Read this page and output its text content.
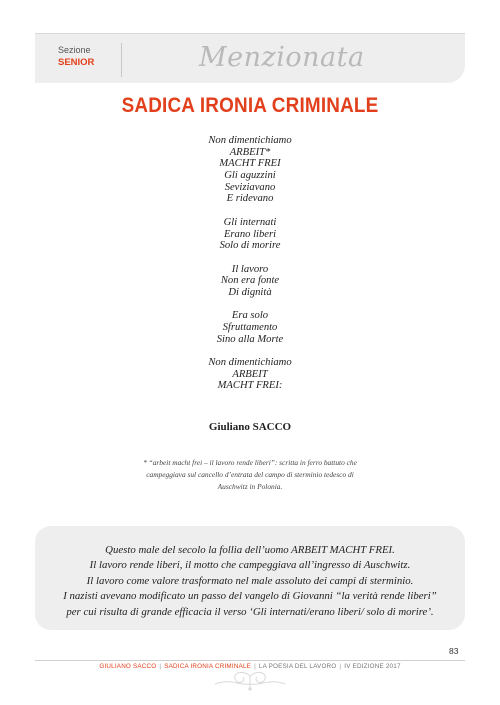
Sezione
SENIOR	Menzionata
SADICA IRONIA CRIMINALE
Non dimentichiamo
ARBEIT*
MACHT FREI
Gli aguzzini
Seviziavano
E ridevano
Gli internati
Erano liberi
Solo di morire
Il lavoro
Non era fonte
Di dignità
Era solo
Sfruttamento
Sino alla Morte
Non dimentichiamo
ARBEIT
MACHT FREI:
Giuliano SACCO
* “arbeit macht frei – il lavoro rende liberi”: scritta in ferro battuto che
campeggiava sul cancello d’entrata del campo di sterminio tedesco di
Auschwitz in Polonia.
Questo male del secolo la follia dell’uomo ARBEIT MACHT FREI.
Il lavoro rende liberi, il motto che campeggiava all’ingresso di Auschwitz.
Il lavoro come valore trasformato nel male assoluto dei campi di sterminio.
I nazisti avevano modificato un passo del vangelo di Giovanni “la verità rende liberi”
per cui risulta di grande efficacia il verso ‘Gli internati/erano liberi/ solo di morire’.
83
GIULIANO SACCO | SADICA IRONIA CRIMINALE | LA POESIA DEL LAVORO | IV EDIZIONE 2017
